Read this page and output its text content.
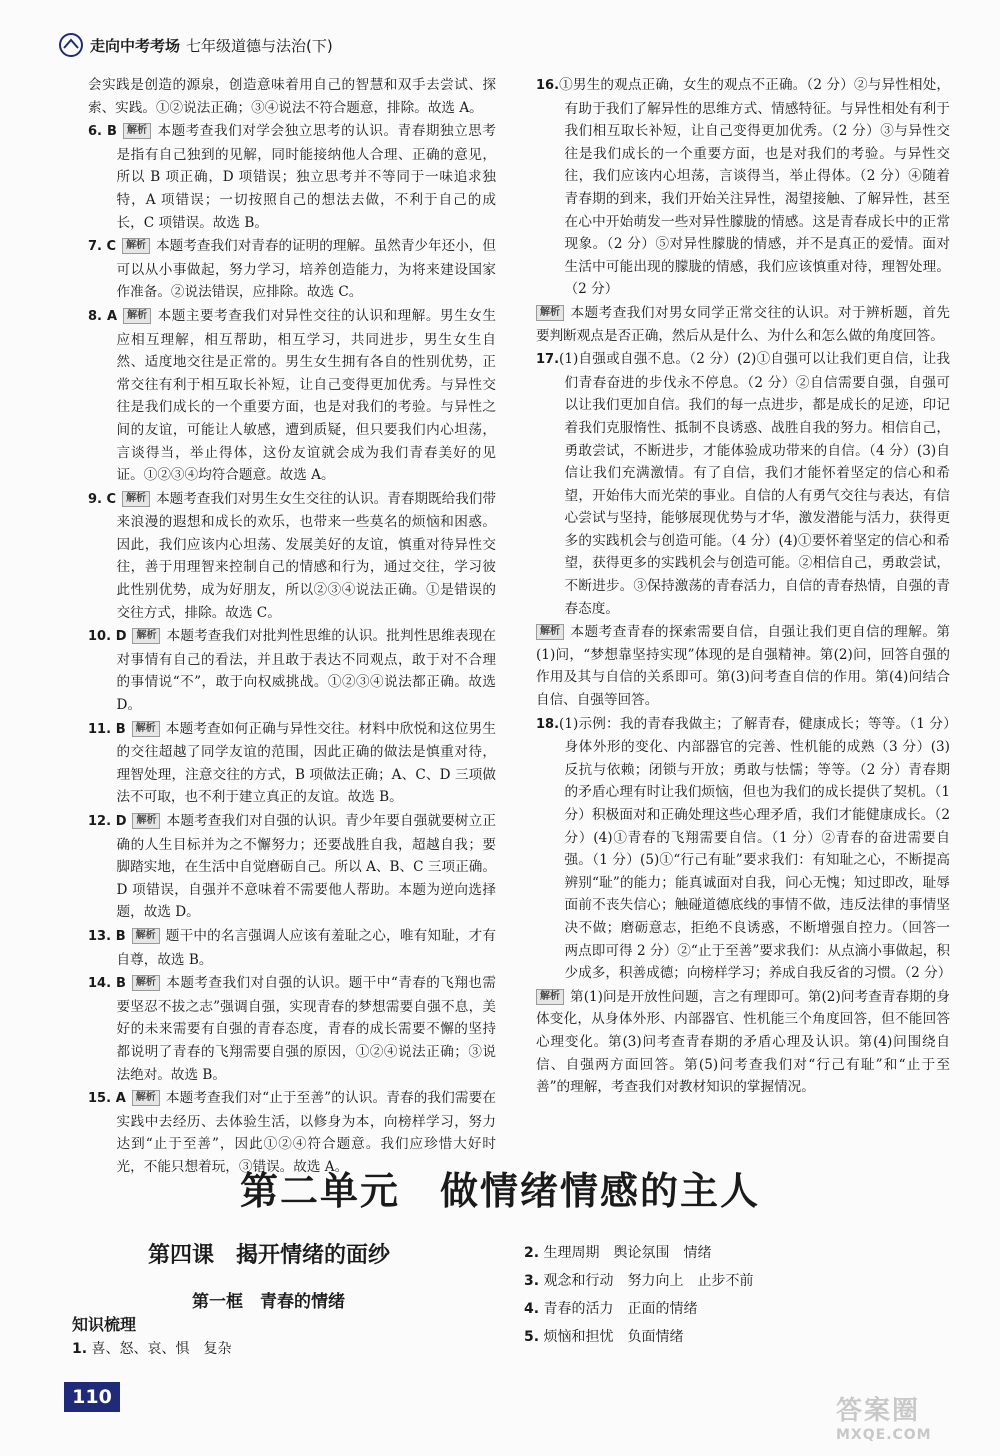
走向中考考场 七年级道德与法治(下)
会实践是创造的源泉，创造意味着用自己的智慧和双手去尝试、探索、实践。①②说法正确；③④说法不符合题意，排除。故选 A。
6. B 解析 本题考查我们对学会独立思考的认识。青春期独立思考是指有自己独到的见解，同时能接纳他人合理、正确的意见，所以 B 项正确，D 项错误；独立思考并不等同于一味追求独特，A 项错误；一切按照自己的想法去做，不利于自己的成长，C 项错误。故选 B。
7. C 解析 本题考查我们对青春的证明的理解。虽然青少年还小，但可以从小事做起，努力学习，培养创造能力，为将来建设国家作准备。②说法错误，应排除。故选 C。
8. A 解析 本题主要考查我们对异性交往的认识和理解。男生女生应相互理解，相互帮助，相互学习，共同进步，男生女生自然、适度地交往是正常的。男生女生拥有各自的性别优势，正常交往有利于相互取长补短，让自己变得更加优秀。与异性交往是我们成长的一个重要方面，也是对我们的考验。与异性之间的友谊，可能让人敏感，遭到质疑，但只要我们内心坦荡，言谈得当，举止得体，这份友谊就会成为我们青春美好的见证。①②③④均符合题意。故选 A。
9. C 解析 本题考查我们对男生女生交往的认识。青春期既给我们带来浪漫的遐想和成长的欢乐，也带来一些莫名的烦恼和困惑。因此，我们应该内心坦荡、发展美好的友谊，慎重对待异性交往，善于用理智来控制自己的情感和行为，通过交往，学习彼此性别优势，成为好朋友，所以②③④说法正确。①是错误的交往方式，排除。故选 C。
10. D 解析 本题考查我们对批判性思维的认识。批判性思维表现在对事情有自己的看法，并且敢于表达不同观点，敢于对不合理的事情说“不”，敢于向权威挑战。①②③④说法都正确。故选 D。
11. B 解析 本题考查如何正确与异性交往。材料中欣悦和这位男生的交往超越了同学友谊的范围，因此正确的做法是慎重对待，理智处理，注意交往的方式，B 项做法正确；A、C、D 三项做法不可取，也不利于建立真正的友谊。故选 B。
12. D 解析 本题考查我们对自强的认识。青少年要自强就要树立正确的人生目标并为之不懈努力；还要战胜自我，超越自我；要脚踏实地，在生活中自觉磨砺自己。所以 A、B、C 三项正确。D 项错误，自强并不意味着不需要他人帮助。本题为逆向选择题，故选 D。
13. B 解析 题干中的名言强调人应该有羞耻之心，唯有知耻，才有自尊，故选 B。
14. B 解析 本题考查我们对自强的认识。题干中“青春的飞翔也需要坚忍不拔之志”强调自强，实现青春的梦想需要自强不息，美好的未来需要有自强的青春态度，青春的成长需要不懈的坚持都说明了青春的飞翔需要自强的原因，①②④说法正确；③说法绝对。故选 B。
15. A 解析 本题考查我们对“止于至善”的认识。青春的我们需要在实践中去经历、去体验生活，以修身为本，向榜样学习，努力达到“止于至善”，因此①②④符合题意。我们应珍惜大好时光，不能只想着玩，③错误。故选 A。
16.①男生的观点正确，女生的观点不正确。（2 分）②与异性相处，有助于我们了解异性的思维方式、情感特征。与异性相处有利于我们相互取长补短，让自己变得更加优秀。（2 分）③与异性交往是我们成长的一个重要方面，也是对我们的考验。与异性交往，我们应该内心坦荡，言谈得当，举止得体。（2 分）④随着青春期的到来，我们开始关注异性，渴望接触、了解异性，甚至在心中开始萌发一些对异性朦胧的情感。这是青春成长中的正常现象。（2 分）⑤对异性朦胧的情感，并不是真正的爱情。面对生活中可能出现的朦胧的情感，我们应该慎重对待，理智处理。（2 分）
解析 本题考查我们对男女同学正常交往的认识。对于辨析题，首先要判断观点是否正确，然后从是什么、为什么和怎么做的角度回答。
17.(1)自强或自强不息。（2 分）(2)①自强可以让我们更自信，让我们青春奋进的步伐永不停息。（2 分）②自信需要自强，自强可以让我们更加自信。我们的每一点进步，都是成长的足迹，印记着我们克服惰性、抵制不良诱惑、战胜自我的努力。相信自己，勇敢尝试，不断进步，才能体验成功带来的自信。（4 分）(3)自信让我们充满激情。有了自信，我们才能怀着坚定的信心和希望，开始伟大而光荣的事业。自信的人有勇气交往与表达，有信心尝试与坚持，能够展现优势与才华，激发潜能与活力，获得更多的实践机会与创造可能。（4 分）(4)①要怀着坚定的信心和希望，获得更多的实践机会与创造可能。②相信自己，勇敢尝试，不断进步。③保持激荡的青春活力，自信的青春热情，自强的青春态度。
解析 本题考查青春的探索需要自信，自强让我们更自信的理解。第(1)问，“梦想靠坚持实现”体现的是自强精神。第(2)问，回答自强的作用及其与自信的关系即可。第(3)问考查自信的作用。第(4)问结合自信、自强等回答。
18.(1)示例：我的青春我做主；了解青春，健康成长；等等。（1 分）身体外形的变化、内部器官的完善、性机能的成熟（3 分）(3)反抗与依赖；闭锁与开放；勇敢与怯懦；等等。（2 分）青春期的矛盾心理有时让我们烦恼，但也为我们的成长提供了契机。（1 分）积极面对和正确处理这些心理矛盾，我们才能健康成长。（2 分）(4)①青春的飞翔需要自信。（1 分）②青春的奋进需要自强。（1 分）(5)①“行己有耻”要求我们：有知耻之心，不断提高辨别“耻”的能力；能真诚面对自我，问心无愧；知过即改，耻辱面前不丧失信心；触碰道德底线的事情不做，违反法律的事情坚决不做；磨砺意志，拒绝不良诱惑，不断增强自控力。（回答一两点即可得 2 分）②“止于至善”要求我们：从点滴小事做起，积少成多，积善成德；向榜样学习；养成自我反省的习惯。（2 分）
解析 第(1)问是开放性问题，言之有理即可。第(2)问考查青春期的身体变化，从身体外形、内部器官、性机能三个角度回答，但不能回答心理变化。第(3)问考查青春期的矛盾心理及认识。第(4)问围绕自信、自强两方面回答。第(5)问考查我们对“行己有耻”和“止于至善”的理解，考查我们对教材知识的掌握情况。
第二单元　做情绪情感的主人
第四课　揭开情绪的面纱
第一框　青春的情绪
知识梳理
1. 喜、怒、哀、惧　复杂
2. 生理周期　舆论氛围　情绪
3. 观念和行动　努力向上　止步不前
4. 青春的活力　正面的情绪
5. 烦恼和担忧　负面情绪
110	答案圈
MXQE.COM
